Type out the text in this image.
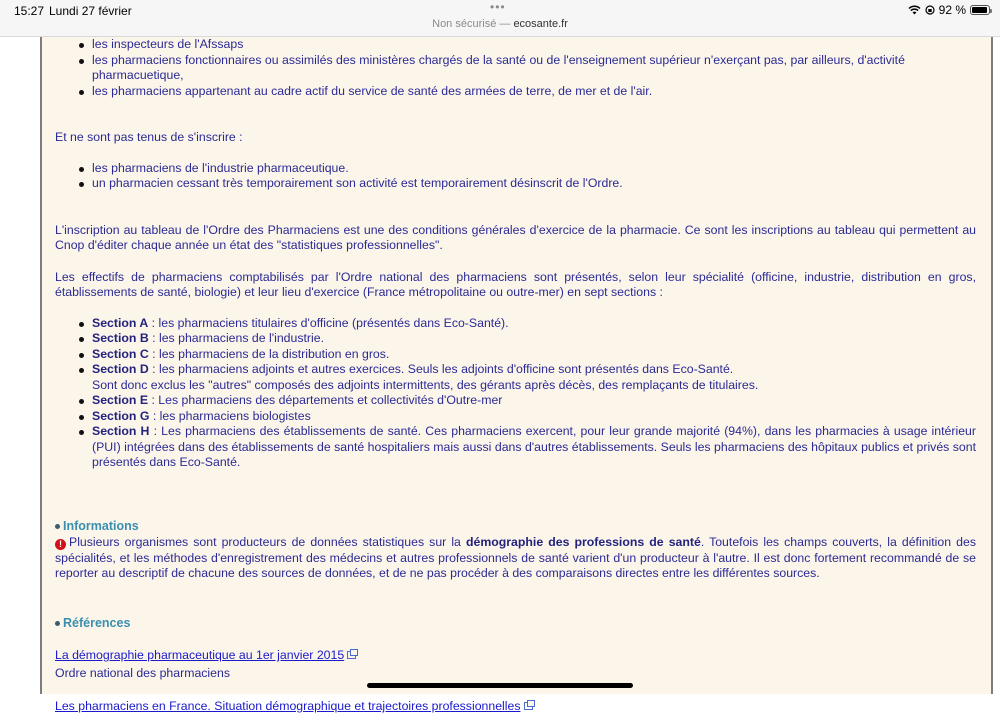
15:27 Lundi 27 février	•••
Non sécurisé — ecosante.fr
92 %
les inspecteurs de l'Afssaps
les pharmaciens fonctionnaires ou assimilés des ministères chargés de la santé ou de l'enseignement supérieur n'exerçant pas, par ailleurs, d'activité pharmacuetique,
les pharmaciens appartenant au cadre actif du service de santé des armées de terre, de mer et de l'air.

Et ne sont pas tenus de s'inscrire :

les pharmaciens de l'industrie pharmaceutique.
un pharmacien cessant très temporairement son activité est temporairement désinscrit de l'Ordre.

L'inscription au tableau de l'Ordre des Pharmaciens est une des conditions générales d'exercice de la pharmacie. Ce sont les inscriptions au tableau qui permettent au Cnop d'éditer chaque année un état des "statistiques professionnelles".

Les effectifs de pharmaciens comptabilisés par l'Ordre national des pharmaciens sont présentés, selon leur spécialité (officine, industrie, distribution en gros, établissements de santé, biologie) et leur lieu d'exercice (France métropolitaine ou outre-mer) en sept sections :

Section A : les pharmaciens titulaires d'officine (présentés dans Eco-Santé).
Section B : les pharmaciens de l'industrie.
Section C : les pharmaciens de la distribution en gros.
Section D : les pharmaciens adjoints et autres exercices. Seuls les adjoints d'officine sont présentés dans Eco-Santé.
Sont donc exclus les "autres" composés des adjoints intermittents, des gérants après décès, des remplaçants de titulaires.
Section E : Les pharmaciens des départements et collectivités d'Outre-mer
Section G : les pharmaciens biologistes
Section H : Les pharmaciens des établissements de santé. Ces pharmaciens exercent, pour leur grande majorité (94%), dans les pharmacies à usage intérieur (PUI) intégrées dans des établissements de santé hospitaliers mais aussi dans d'autres établissements. Seuls les pharmaciens des hôpitaux publics et privés sont présentés dans Eco-Santé.
Informations

! Plusieurs organismes sont producteurs de données statistiques sur la démographie des professions de santé. Toutefois les champs couverts, la définition des spécialités, et les méthodes d'enregistrement des médecins et autres professionnels de santé varient d'un producteur à l'autre. Il est donc fortement recommandé de se reporter au descriptif de chacune des sources de données, et de ne pas procéder à des comparaisons directes entre les différentes sources.

Références
La démographie pharmaceutique au 1er janvier 2015
Ordre national des pharmaciens
Les pharmaciens en France. Situation démographique et trajectoires professionnelles
